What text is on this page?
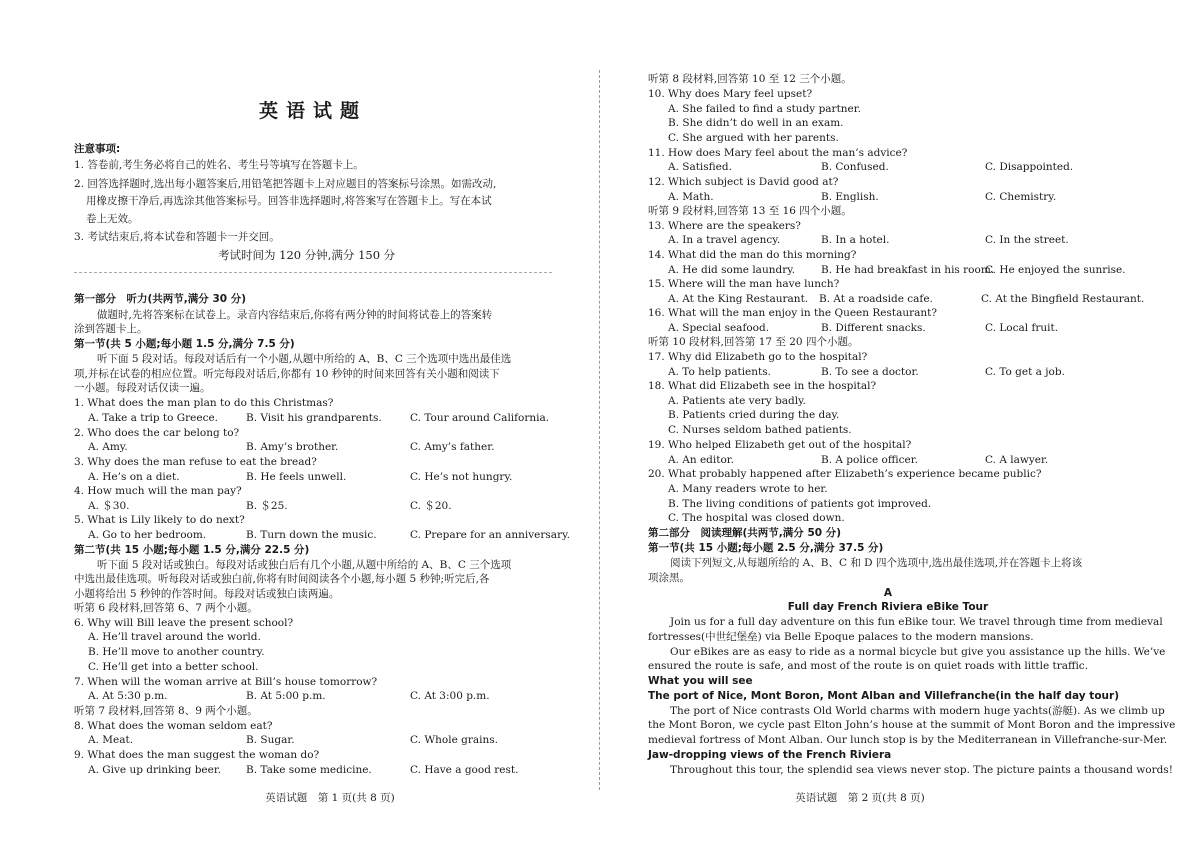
英语试题
注意事项:
1. 答卷前,考生务必将自己的姓名、考生号等填写在答题卡上。
2. 回答选择题时,选出每小题答案后,用铅笔把答题卡上对应题目的答案标号涂黑。如需改动,
用橡皮擦干净后,再选涂其他答案标号。回答非选择题时,将答案写在答题卡上。写在本试
卷上无效。
3. 考试结束后,将本试卷和答题卡一并交回。
考试时间为 120 分钟,满分 150 分
第一部分　听力(共两节,满分 30 分)
做题时,先将答案标在试卷上。录音内容结束后,你将有两分钟的时间将试卷上的答案转
涂到答题卡上。
第一节(共 5 小题;每小题 1.5 分,满分 7.5 分)
听下面 5 段对话。每段对话后有一个小题,从题中所给的 A、B、C 三个选项中选出最佳选
项,并标在试卷的相应位置。听完每段对话后,你都有 10 秒钟的时间来回答有关小题和阅读下
一小题。每段对话仅读一遍。
1. What does the man plan to do this Christmas?
A. Take a trip to Greece.	B. Visit his grandparents.	C. Tour around California.
2. Who does the car belong to?
A. Amy.	B. Amy’s brother.	C. Amy’s father.
3. Why does the man refuse to eat the bread?
A. He’s on a diet.	B. He feels unwell.	C. He’s not hungry.
4. How much will the man pay?
A. ＄30.	B. ＄25.	C. ＄20.
5. What is Lily likely to do next?
A. Go to her bedroom.	B. Turn down the music.	C. Prepare for an anniversary.
第二节(共 15 小题;每小题 1.5 分,满分 22.5 分)
听下面 5 段对话或独白。每段对话或独白后有几个小题,从题中所给的 A、B、C 三个选项
中选出最佳选项。听每段对话或独白前,你将有时间阅读各个小题,每小题 5 秒钟;听完后,各
小题将给出 5 秒钟的作答时间。每段对话或独白读两遍。
听第 6 段材料,回答第 6、7 两个小题。
6. Why will Bill leave the present school?
A. He’ll travel around the world.
B. He’ll move to another country.
C. He’ll get into a better school.
7. When will the woman arrive at Bill’s house tomorrow?
A. At 5:30 p.m.	B. At 5:00 p.m.	C. At 3:00 p.m.
听第 7 段材料,回答第 8、9 两个小题。
8. What does the woman seldom eat?
A. Meat.	B. Sugar.	C. Whole grains.
9. What does the man suggest the woman do?
A. Give up drinking beer. B. Take some medicine.	C. Have a good rest.
英语试题　第 1 页(共 8 页)
听第 8 段材料,回答第 10 至 12 三个小题。
10. Why does Mary feel upset?
A. She failed to find a study partner.
B. She didn’t do well in an exam.
C. She argued with her parents.
11. How does Mary feel about the man’s advice?
A. Satisfied.	B. Confused.	C. Disappointed.
12. Which subject is David good at?
A. Math.	B. English.	C. Chemistry.
听第 9 段材料,回答第 13 至 16 四个小题。
13. Where are the speakers?
A. In a travel agency.	B. In a hotel.	C. In the street.
14. What did the man do this morning?
A. He did some laundry. B. He had breakfast in his room.
C. He enjoyed the sunrise.
15. Where will the man have lunch?
A. At the King Restaurant. B. At a roadside cafe.	C. At the Bingfield Restaurant.
16. What will the man enjoy in the Queen Restaurant?
A. Special seafood.	B. Different snacks.	C. Local fruit.
听第 10 段材料,回答第 17 至 20 四个小题。
17. Why did Elizabeth go to the hospital?
A. To help patients.	B. To see a doctor.	C. To get a job.
18. What did Elizabeth see in the hospital?
A. Patients ate very badly.
B. Patients cried during the day.
C. Nurses seldom bathed patients.
19. Who helped Elizabeth get out of the hospital?
A. An editor.	B. A police officer.	C. A lawyer.
20. What probably happened after Elizabeth’s experience became public?
A. Many readers wrote to her.
B. The living conditions of patients got improved.
C. The hospital was closed down.
第二部分　阅读理解(共两节,满分 50 分)
第一节(共 15 小题;每小题 2.5 分,满分 37.5 分)
阅读下列短文,从每题所给的 A、B、C 和 D 四个选项中,选出最佳选项,并在答题卡上将该
项涂黑。
A
Full day French Riviera eBike Tour
Join us for a full day adventure on this fun eBike tour. We travel through time from medieval
fortresses(中世纪堡垒) via Belle Epoque palaces to the modern mansions.
Our eBikes are as easy to ride as a normal bicycle but give you assistance up the hills. We’ve
ensured the route is safe, and most of the route is on quiet roads with little traffic.
What you will see
The port of Nice, Mont Boron, Mont Alban and Villefranche(in the half day tour)
The port of Nice contrasts Old World charms with modern huge yachts(游艇). As we climb up
the Mont Boron, we cycle past Elton John’s house at the summit of Mont Boron and the impressive
medieval fortress of Mont Alban. Our lunch stop is by the Mediterranean in Villefranche-sur-Mer.
Jaw-dropping views of the French Riviera
Throughout this tour, the splendid sea views never stop. The picture paints a thousand words!
英语试题　第 2 页(共 8 页)
